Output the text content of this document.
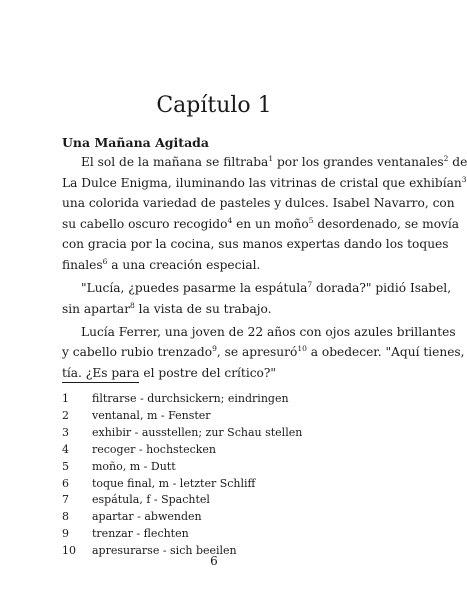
Capítulo 1
Una Mañana Agitada

El sol de la mañana se filtraba$^1$ por los grandes ventanales$^2$ de
La Dulce Enigma, iluminando las vitrinas de cristal que exhibían$^3$
una colorida variedad de pasteles y dulces. Isabel Navarro, con
su cabello oscuro recogido$^4$ en un moño$^5$ desordenado, se movía
con gracia por la cocina, sus manos expertas dando los toques
finales$^6$ a una creación especial.

"Lucía, ¿puedes pasarme la espátula$^7$ dorada?" pidió Isabel,
sin apartar$^8$ la vista de su trabajo.

Lucía Ferrer, una joven de 22 años con ojos azules brillantes
y cabello rubio trenzado$^9$, se apresuró$^{10}$ a obedecer. "Aquí tienes,
tía. ¿Es para el postre del crítico?"

1	filtrarse - durchsickern; eindringen
2	ventanal, m - Fenster
3	exhibir - ausstellen; zur Schau stellen
4	recoger - hochstecken
5	moño, m - Dutt
6	toque final, m - letzter Schliff
7	espátula, f - Spachtel
8	apartar - abwenden
9	trenzar - flechten
10	apresurarse - sich beeilen
6
